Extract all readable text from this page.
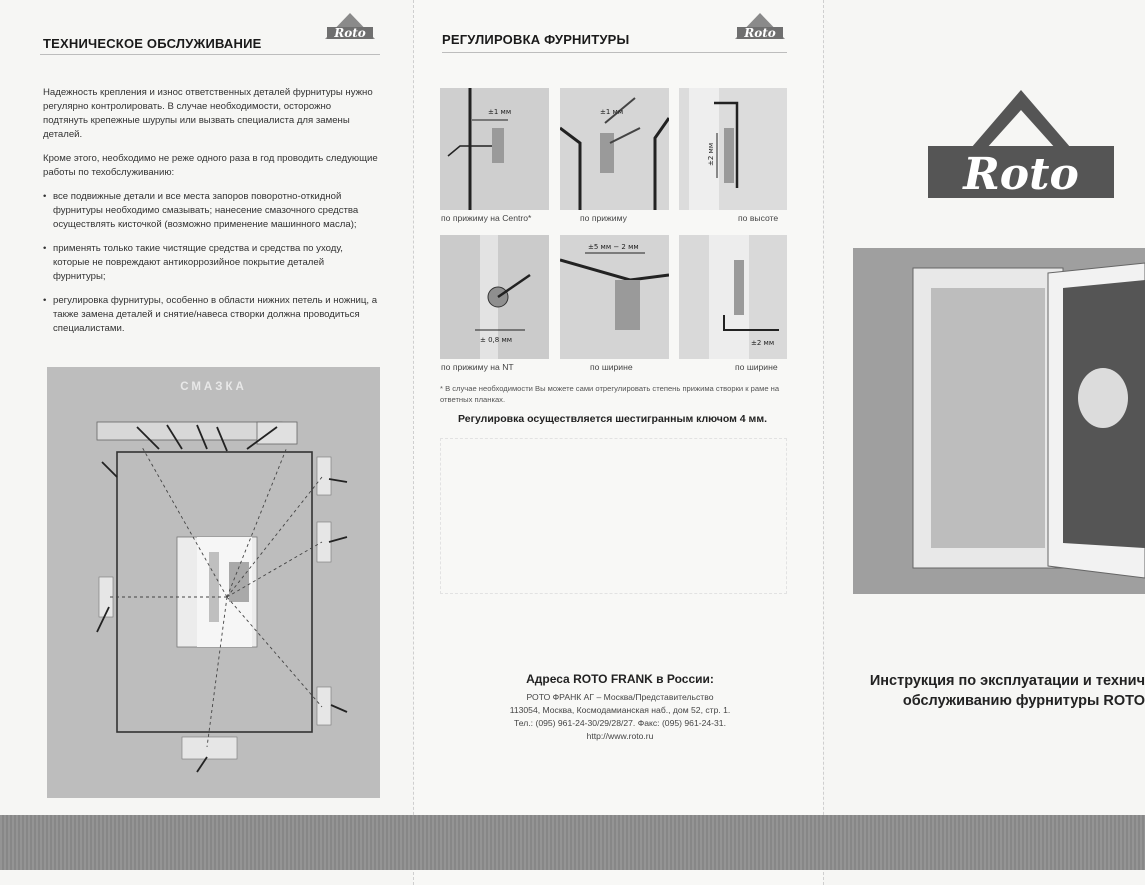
ТЕХНИЧЕСКОЕ ОБСЛУЖИВАНИЕ
Roto

Надежность крепления и износ ответственных деталей фурнитуры нужно регулярно контролировать. В случае необходимости, осторожно подтянуть крепежные шурупы или вызвать специалиста для замены деталей.

Кроме этого, необходимо не реже одного раза в год проводить следующие работы по техобслуживанию:

• все подвижные детали и все места запоров поворотно-откидной фурнитуры необходимо смазывать; нанесение смазочного средства осуществлять кисточкой (возможно применение машинного масла);
• применять только такие чистящие средства и средства по уходу, которые не повреждают антикоррозийное покрытие деталей фурнитуры;
• регулировка фурнитуры, особенно в области нижних петель и ножниц, а также замена деталей и снятие/навеса створки должна проводиться специалистами.
СМАЗКА
РЕГУЛИРОВКА ФУРНИТУРЫ	Roto
±1 мм	±1 мм
±2 мм
по прижиму на Centro*	по прижиму	по высоте
± 0,8 мм
±5 мм − 2 мм
±2 мм
по прижиму на NT	по ширине	по ширине
* В случае необходимости Вы можете сами отрегулировать степень прижима створки к раме на ответных планках.
Регулировка осуществляется шестигранным ключом 4 мм.
Адреса ROTO FRANK в России:
РОТО ФРАНК АГ – Москва/Представительство
113054, Москва, Космодамианская наб., дом 52, стр. 1.
Тел.: (095) 961-24-30/29/28/27. Факс: (095) 961-24-31.
http://www.roto.ru
Roto
Инструкция по эксплуатации и технич
обслуживанию фурнитуры ROTO
